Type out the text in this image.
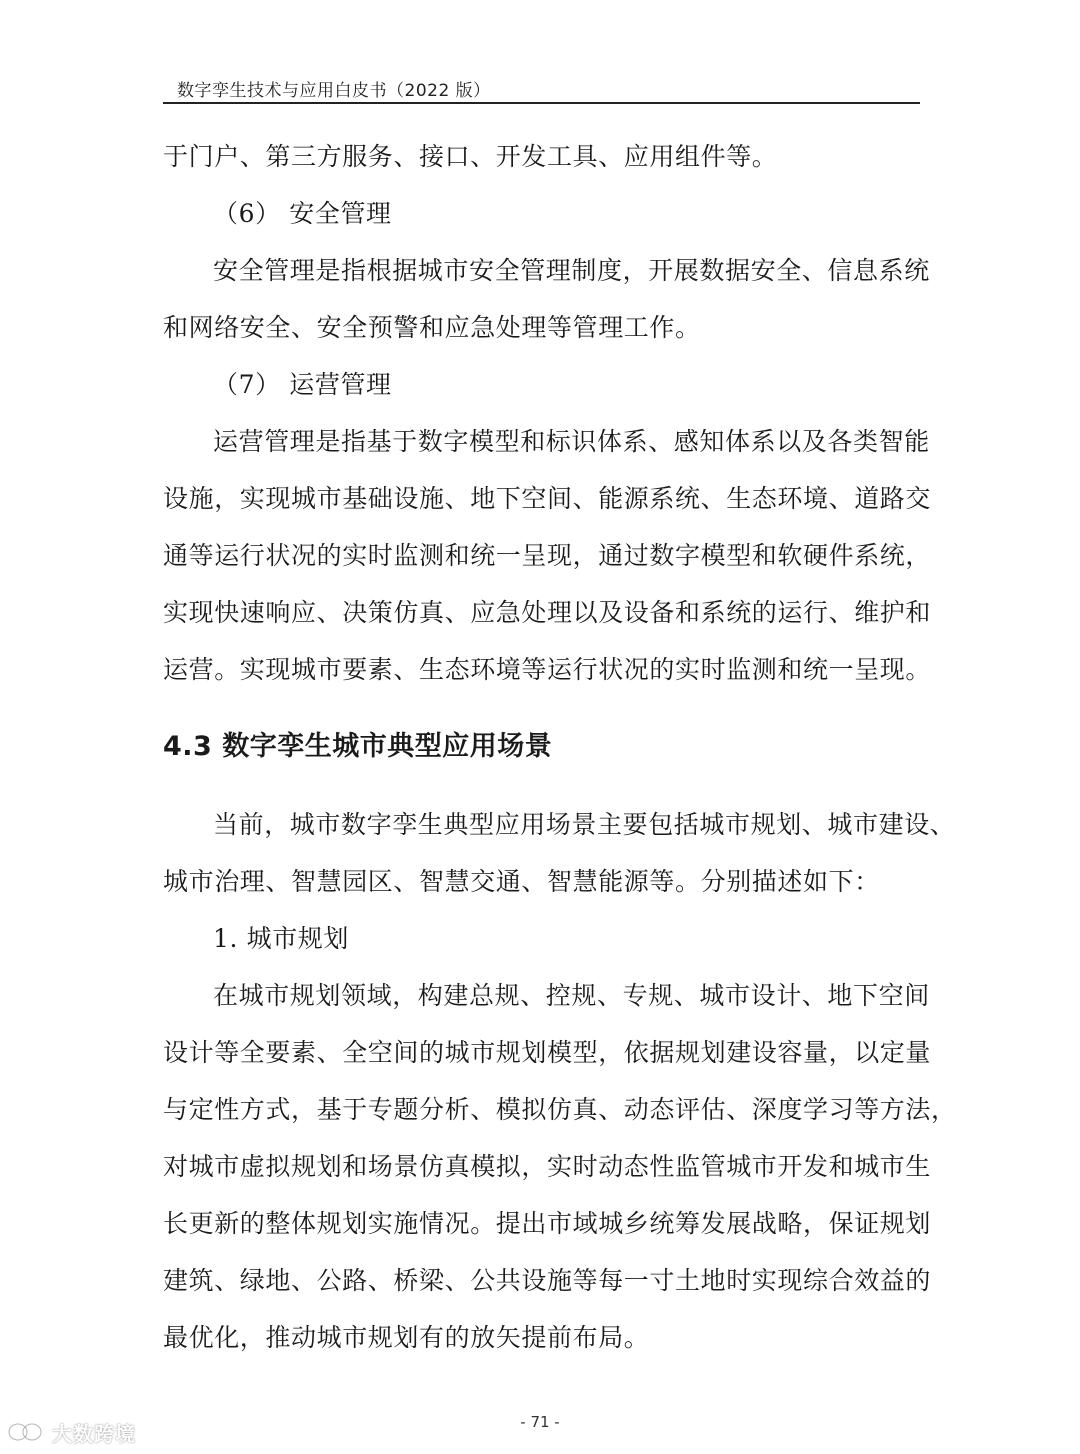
数字孪生技术与应用白皮书（2022 版）
于门户、第三方服务、接口、开发工具、应用组件等。
（6） 安全管理
安全管理是指根据城市安全管理制度，开展数据安全、信息系统
和网络安全、安全预警和应急处理等管理工作。
（7） 运营管理
运营管理是指基于数字模型和标识体系、感知体系以及各类智能
设施，实现城市基础设施、地下空间、能源系统、生态环境、道路交
通等运行状况的实时监测和统一呈现，通过数字模型和软硬件系统，
实现快速响应、决策仿真、应急处理以及设备和系统的运行、维护和
运营。实现城市要素、生态环境等运行状况的实时监测和统一呈现。
4.3 数字孪生城市典型应用场景
当前，城市数字孪生典型应用场景主要包括城市规划、城市建设、
城市治理、智慧园区、智慧交通、智慧能源等。分别描述如下：
1. 城市规划
在城市规划领域，构建总规、控规、专规、城市设计、地下空间
设计等全要素、全空间的城市规划模型，依据规划建设容量，以定量
与定性方式，基于专题分析、模拟仿真、动态评估、深度学习等方法，
对城市虚拟规划和场景仿真模拟，实时动态性监管城市开发和城市生
长更新的整体规划实施情况。提出市域城乡统筹发展战略，保证规划
建筑、绿地、公路、桥梁、公共设施等每一寸土地时实现综合效益的
最优化，推动城市规划有的放矢提前布局。
- 71 -
大数跨境
